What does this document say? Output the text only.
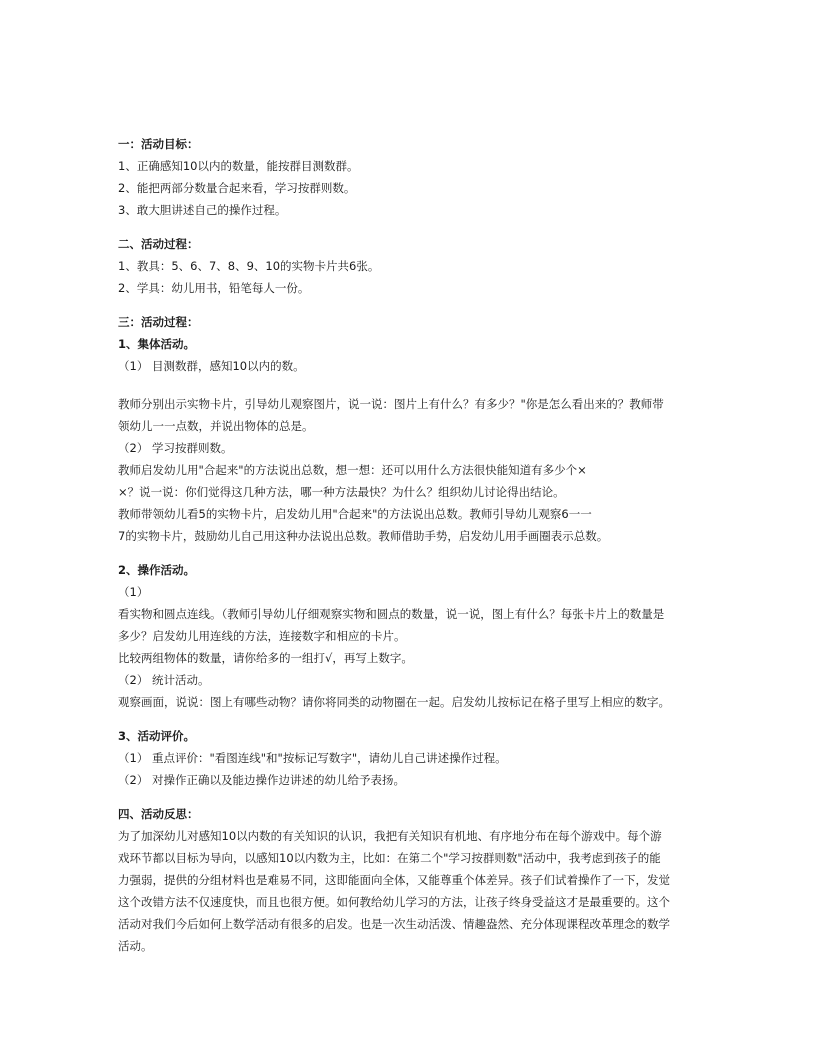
一：活动目标：
1、正确感知10以内的数量，能按群目测数群。
2、能把两部分数量合起来看，学习按群则数。
3、敢大胆讲述自己的操作过程。
二、活动过程：
1、教具：5、6、7、8、9、10的实物卡片共6张。
2、学具：幼儿用书，铅笔每人一份。
三：活动过程：
1、集体活动。
（1） 目测数群，感知10以内的数。
教师分别出示实物卡片，引导幼儿观察图片，说一说：图片上有什么？有多少？"你是怎么看出来的？教师带
领幼儿一一点数，并说出物体的总是。
（2） 学习按群则数。
教师启发幼儿用"合起来"的方法说出总数，想一想：还可以用什么方法很快能知道有多少个×
×？说一说：你们觉得这几种方法，哪一种方法最快？为什么？组织幼儿讨论得出结论。
教师带领幼儿看5的实物卡片，启发幼儿用"合起来"的方法说出总数。教师引导幼儿观察6一一
7的实物卡片，鼓励幼儿自己用这种办法说出总数。教师借助手势，启发幼儿用手画圈表示总数。
2、操作活动。
（1）
看实物和圆点连线。（教师引导幼儿仔细观察实物和圆点的数量，说一说，图上有什么？每张卡片上的数量是
多少？启发幼儿用连线的方法，连接数字和相应的卡片。
比较两组物体的数量，请你给多的一组打√，再写上数字。
（2） 统计活动。
观察画面，说说：图上有哪些动物？请你将同类的动物圈在一起。启发幼儿按标记在格子里写上相应的数字。
3、活动评价。
（1） 重点评价："看图连线"和"按标记写数字"，请幼儿自己讲述操作过程。
（2） 对操作正确以及能边操作边讲述的幼儿给予表扬。
四、活动反思：
为了加深幼儿对感知10以内数的有关知识的认识，我把有关知识有机地、有序地分布在每个游戏中。每个游
戏环节都以目标为导向，以感知10以内数为主，比如：在第二个"学习按群则数"活动中，我考虑到孩子的能
力强弱，提供的分组材料也是难易不同，这即能面向全体，又能尊重个体差异。孩子们试着操作了一下，发觉
这个改错方法不仅速度快，而且也很方便。如何教给幼儿学习的方法，让孩子终身受益这才是最重要的。这个
活动对我们今后如何上数学活动有很多的启发。也是一次生动活泼、情趣盎然、充分体现课程改革理念的数学
活动。
